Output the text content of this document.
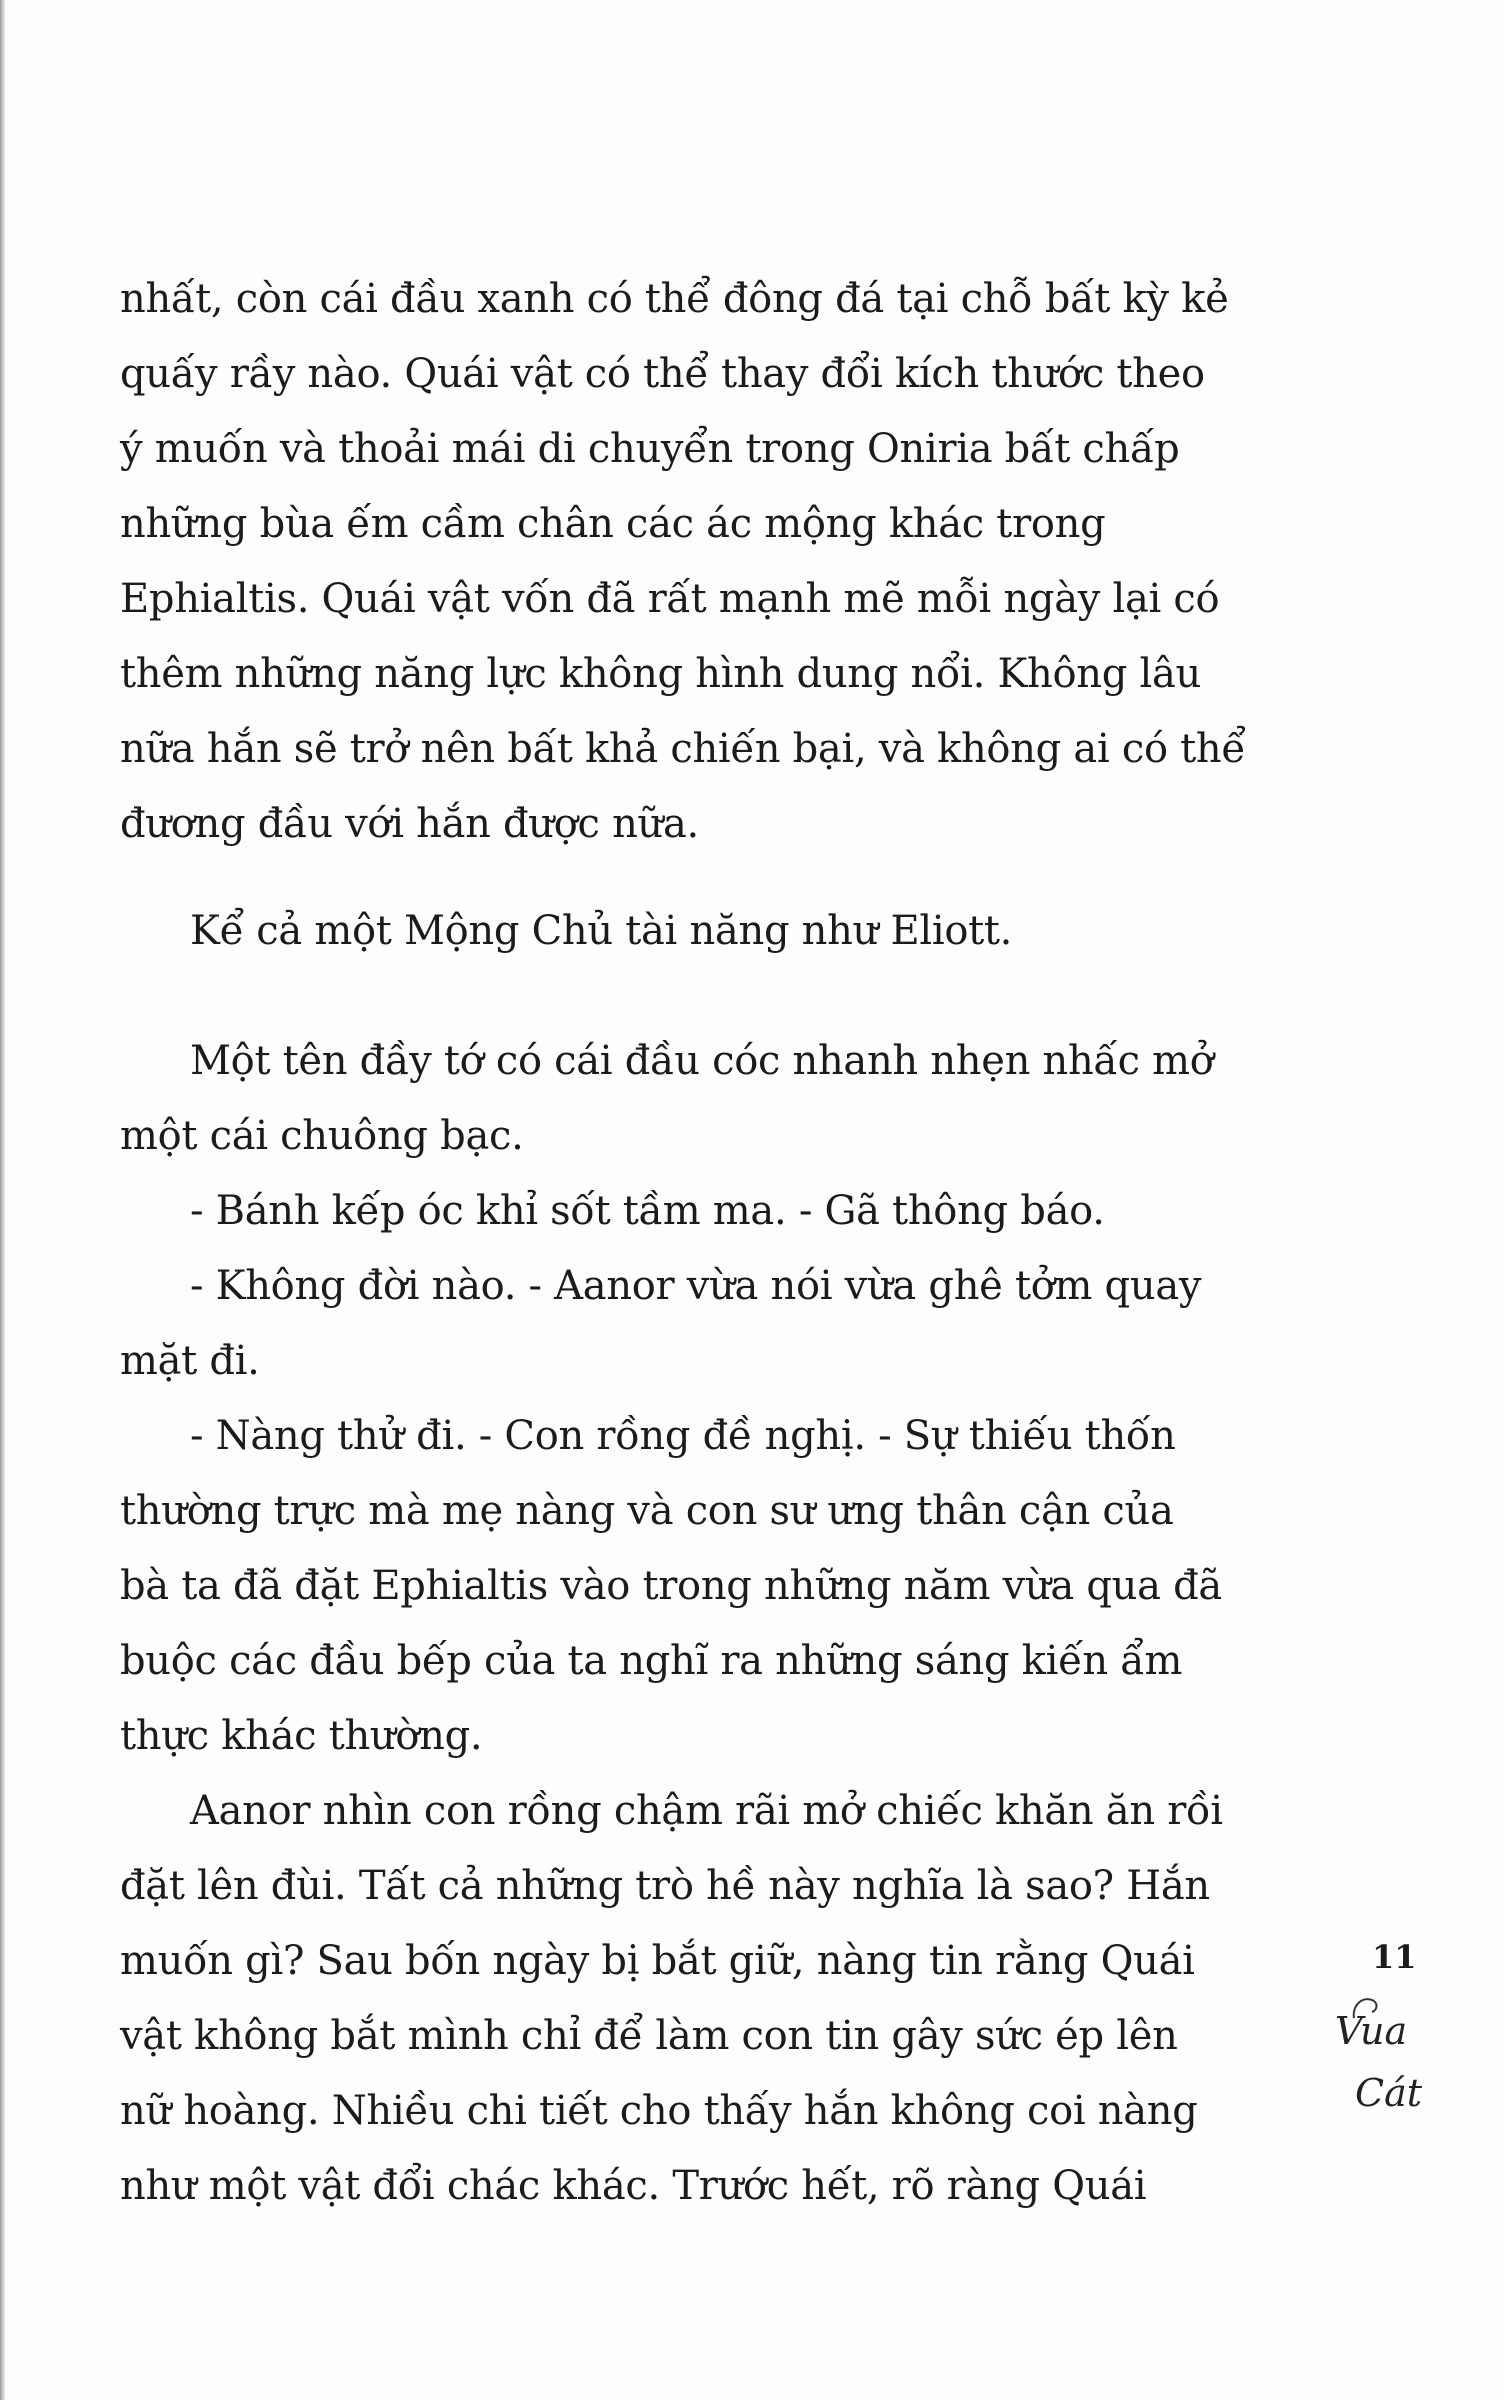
nhất, còn cái đầu xanh có thể đông đá tại chỗ bất kỳ kẻ
quấy rầy nào. Quái vật có thể thay đổi kích thước theo
ý muốn và thoải mái di chuyển trong Oniria bất chấp
những bùa ếm cầm chân các ác mộng khác trong
Ephialtis. Quái vật vốn đã rất mạnh mẽ mỗi ngày lại có
thêm những năng lực không hình dung nổi. Không lâu
nữa hắn sẽ trở nên bất khả chiến bại, và không ai có thể
đương đầu với hắn được nữa.
Kể cả một Mộng Chủ tài năng như Eliott.
Một tên đầy tớ có cái đầu cóc nhanh nhẹn nhấc mở
một cái chuông bạc.
- Bánh kếp óc khỉ sốt tầm ma. - Gã thông báo.
- Không đời nào. - Aanor vừa nói vừa ghê tởm quay
mặt đi.
- Nàng thử đi. - Con rồng đề nghị. - Sự thiếu thốn
thường trực mà mẹ nàng và con sư ưng thân cận của
bà ta đã đặt Ephialtis vào trong những năm vừa qua đã
buộc các đầu bếp của ta nghĩ ra những sáng kiến ẩm
thực khác thường.
Aanor nhìn con rồng chậm rãi mở chiếc khăn ăn rồi
đặt lên đùi. Tất cả những trò hề này nghĩa là sao? Hắn
muốn gì? Sau bốn ngày bị bắt giữ, nàng tin rằng Quái
vật không bắt mình chỉ để làm con tin gây sức ép lên
nữ hoàng. Nhiều chi tiết cho thấy hắn không coi nàng
như một vật đổi chác khác. Trước hết, rõ ràng Quái
11
Vua
Cát
